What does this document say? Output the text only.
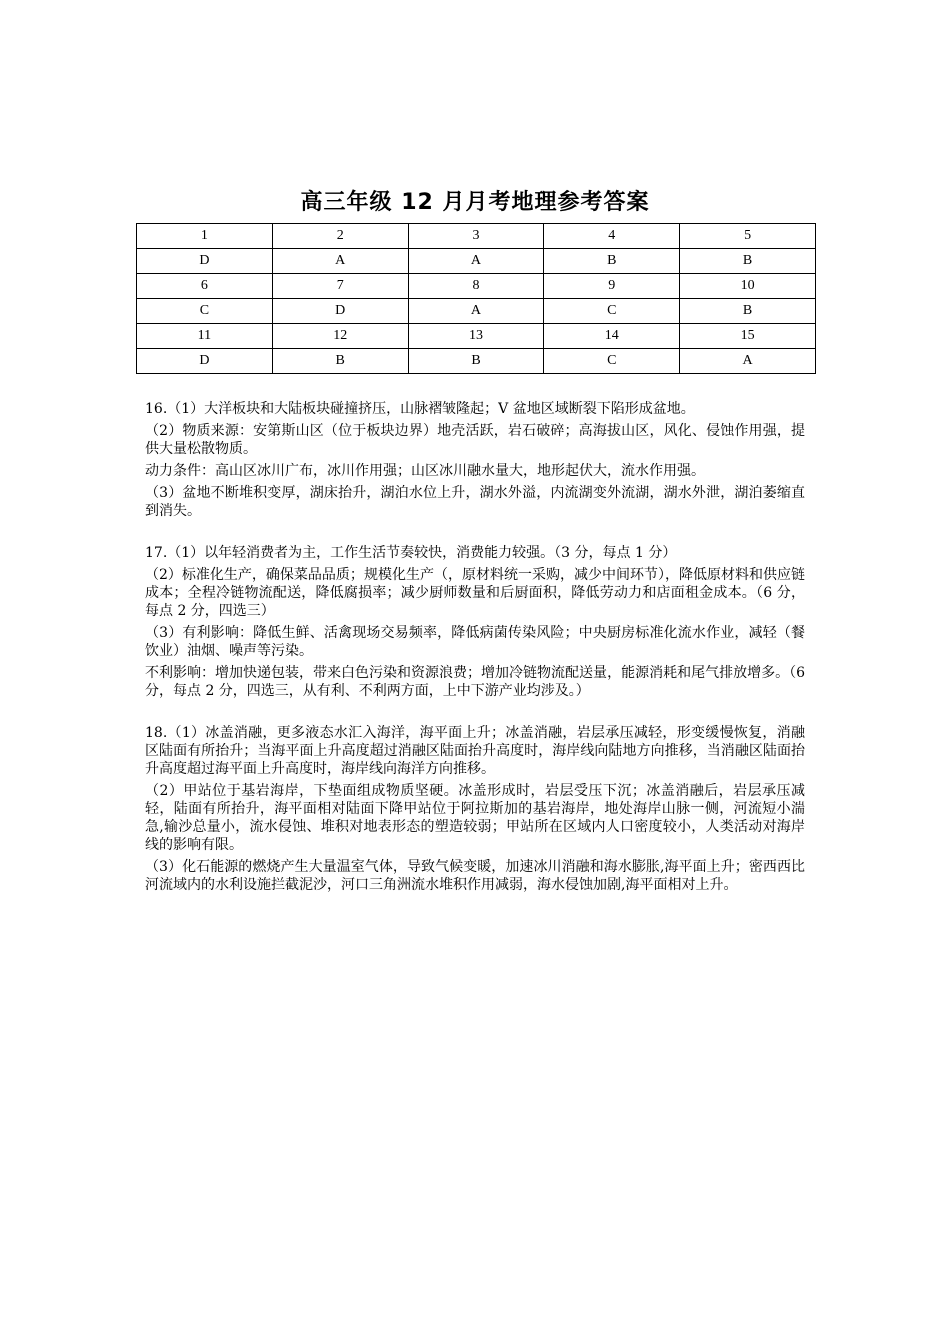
高三年级 12 月月考地理参考答案
1	2	3	4	5
D	A	A	B	B
6	7	8	9	10
C	D	A	C	B
11	12	13	14	15
D	B	B	C	A

16.（1）大洋板块和大陆板块碰撞挤压，山脉褶皱隆起；V 盆地区域断裂下陷形成盆地。

（2）物质来源：安第斯山区（位于板块边界）地壳活跃，岩石破碎；高海拔山区，风化、侵蚀作用强，提供大量松散物质。

动力条件：高山区冰川广布，冰川作用强；山区冰川融水量大，地形起伏大，流水作用强。

（3）盆地不断堆积变厚，湖床抬升，湖泊水位上升，湖水外溢，内流湖变外流湖，湖水外泄，湖泊萎缩直到消失。

17.（1）以年轻消费者为主，工作生活节奏较快，消费能力较强。（3 分，每点 1 分）

（2）标准化生产，确保菜品品质；规模化生产（，原材料统一采购，减少中间环节），降低原材料和供应链成本；全程冷链物流配送，降低腐损率；减少厨师数量和后厨面积，降低劳动力和店面租金成本。（6 分，每点 2 分，四选三）

（3）有利影响：降低生鲜、活禽现场交易频率，降低病菌传染风险；中央厨房标准化流水作业，减轻（餐饮业）油烟、噪声等污染。

不利影响：增加快递包装，带来白色污染和资源浪费；增加冷链物流配送量，能源消耗和尾气排放增多。（6 分，每点 2 分，四选三，从有利、不利两方面，上中下游产业均涉及。）

18.（1）冰盖消融，更多液态水汇入海洋，海平面上升；冰盖消融，岩层承压减轻，形变缓慢恢复，消融区陆面有所抬升；当海平面上升高度超过消融区陆面抬升高度时，海岸线向陆地方向推移，当消融区陆面抬升高度超过海平面上升高度时，海岸线向海洋方向推移。

（2）甲站位于基岩海岸，下垫面组成物质坚硬。冰盖形成时，岩层受压下沉；冰盖消融后，岩层承压减轻，陆面有所抬升，海平面相对陆面下降甲站位于阿拉斯加的基岩海岸，地处海岸山脉一侧，河流短小湍急,输沙总量小，流水侵蚀、堆积对地表形态的塑造较弱；甲站所在区域内人口密度较小，人类活动对海岸线的影响有限。

（3）化石能源的燃烧产生大量温室气体，导致气候变暖，加速冰川消融和海水膨胀,海平面上升；密西西比河流域内的水利设施拦截泥沙，河口三角洲流水堆积作用减弱，海水侵蚀加剧,海平面相对上升。
